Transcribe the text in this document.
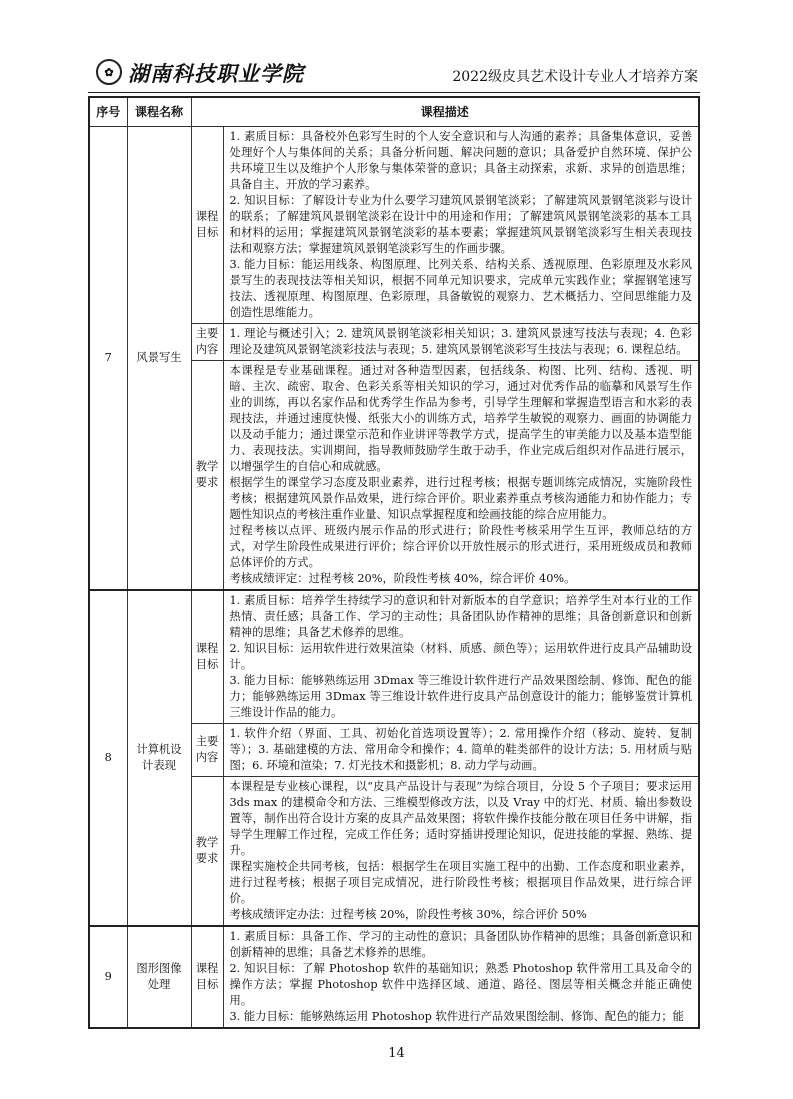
✿ 湖南科技职业学院	2022级皮具艺术设计专业人才培养方案
序号	课程名称	课程描述	
7	风景写生	课程目标	1. 素质目标：具备校外色彩写生时的个人安全意识和与人沟通的素养；具备集体意识，妥善处理好个人与集体间的关系；具备分析问题、解决问题的意识；具备爱护自然环境、保护公共环境卫生以及维护个人形象与集体荣誉的意识；具备主动探索，求新、求异的创造思维；具备自主、开放的学习素养。

2. 知识目标：了解设计专业为什么要学习建筑风景钢笔淡彩；了解建筑风景钢笔淡彩与设计的联系；了解建筑风景钢笔淡彩在设计中的用途和作用；了解建筑风景钢笔淡彩的基本工具和材料的运用；掌握建筑风景钢笔淡彩的基本要素；掌握建筑风景钢笔淡彩写生相关表现技法和观察方法；掌握建筑风景钢笔淡彩写生的作画步骤。

3. 能力目标：能运用线条、构图原理、比列关系、结构关系、透视原理、色彩原理及水彩风景写生的表现技法等相关知识，根据不同单元知识要求，完成单元实践作业；掌握钢笔速写技法、透视原理、构图原理、色彩原理，具备敏锐的观察力、艺术概括力、空间思维能力及创造性思维能力。

		主要内容	1. 理论与概述引入；2. 建筑风景钢笔淡彩相关知识；3. 建筑风景速写技法与表现；4. 色彩理论及建筑风景钢笔淡彩技法与表现；5. 建筑风景钢笔淡彩写生技法与表现；6. 课程总结。

		教学要求	本课程是专业基础课程。通过对各种造型因素，包括线条、构图、比列、结构、透视、明暗、主次、疏密、取舍、色彩关系等相关知识的学习，通过对优秀作品的临摹和风景写生作业的训练，再以名家作品和优秀学生作品为参考，引导学生理解和掌握造型语言和水彩的表现技法，并通过速度快慢、纸张大小的训练方式，培养学生敏锐的观察力、画面的协调能力以及动手能力；通过课堂示范和作业讲评等教学方式，提高学生的审美能力以及基本造型能力、表现技法。实训期间，指导教师鼓励学生敢于动手，作业完成后组织对作品进行展示，以增强学生的自信心和成就感。

根据学生的课堂学习态度及职业素养，进行过程考核；根据专题训练完成情况，实施阶段性考核；根据建筑风景作品效果，进行综合评价。职业素养重点考核沟通能力和协作能力；专题性知识点的考核注重作业量、知识点掌握程度和绘画技能的综合应用能力。

过程考核以点评、班级内展示作品的形式进行；阶段性考核采用学生互评，教师总结的方式，对学生阶段性成果进行评价；综合评价以开放性展示的形式进行，采用班级成员和教师总体评价的方式。

考核成绩评定：过程考核 20%，阶段性考核 40%，综合评价 40%。

8	计算机设计表现	课程目标	1. 素质目标：培养学生持续学习的意识和针对新版本的自学意识；培养学生对本行业的工作热情、责任感；具备工作、学习的主动性；具备团队协作精神的思维；具备创新意识和创新精神的思维；具备艺术修养的思维。

2. 知识目标：运用软件进行效果渲染（材料、质感、颜色等）；运用软件进行皮具产品辅助设计。

3. 能力目标：能够熟练运用 3Dmax 等三维设计软件进行产品效果图绘制、修饰、配色的能力；能够熟练运用 3Dmax 等三维设计软件进行皮具产品创意设计的能力；能够鉴赏计算机三维设计作品的能力。

		主要内容	1. 软件介绍（界面、工具、初始化首选项设置等）；2. 常用操作介绍（移动、旋转、复制等）；3. 基础建模的方法、常用命令和操作；4. 简单的鞋类部件的设计方法；5. 用材质与贴图；6. 环境和渲染；7. 灯光技术和摄影机；8. 动力学与动画。

		教学要求	本课程是专业核心课程，以“皮具产品设计与表现”为综合项目，分设 5 个子项目；要求运用 3ds max 的建模命令和方法、三维模型修改方法，以及 Vray 中的灯光、材质、输出参数设置等，制作出符合设计方案的皮具产品效果图；将软件操作技能分散在项目任务中讲解，指导学生理解工作过程，完成工作任务；适时穿插讲授理论知识，促进技能的掌握、熟练、提升。

课程实施校企共同考核，包括：根据学生在项目实施工程中的出勤、工作态度和职业素养，进行过程考核；根据子项目完成情况，进行阶段性考核；根据项目作品效果，进行综合评价。

考核成绩评定办法：过程考核 20%，阶段性考核 30%，综合评价 50%

9	图形图像处理	课程目标	1. 素质目标：具备工作、学习的主动性的意识；具备团队协作精神的思维；具备创新意识和创新精神的思维；具备艺术修养的思维。

2. 知识目标：了解 Photoshop 软件的基础知识；熟悉 Photoshop 软件常用工具及命令的操作方法；掌握 Photoshop 软件中选择区域、通道、路径、图层等相关概念并能正确使用。

3. 能力目标：能够熟练运用 Photoshop 软件进行产品效果图绘制、修饰、配色的能力；能

14
